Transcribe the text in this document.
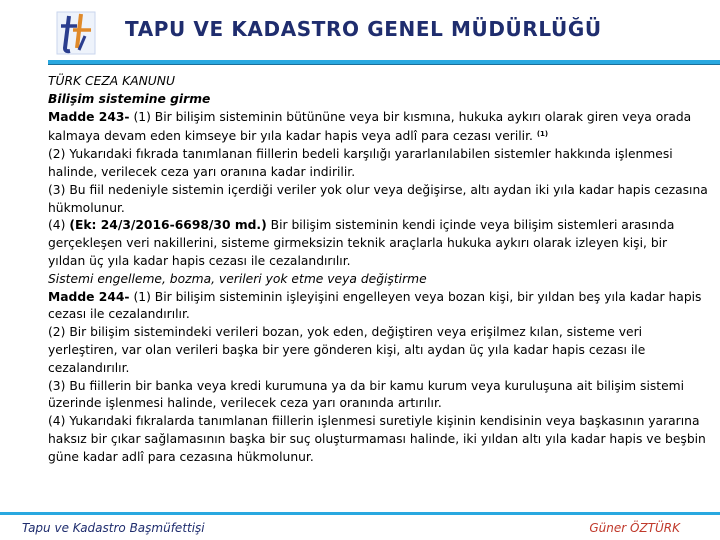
TAPU VE KADASTRO GENEL MÜDÜRLÜĞÜ

TÜRK CEZA KANUNU

Bilişim sistemine girme

Madde 243- (1) Bir bilişim sisteminin bütününe veya bir kısmına, hukuka aykırı olarak giren veya orada kalmaya devam eden kimseye bir yıla kadar hapis veya adlî para cezası verilir. $^{(1)}$

(2) Yukarıdaki fıkrada tanımlanan fiillerin bedeli karşılığı yararlanılabilen sistemler hakkında işlenmesi halinde, verilecek ceza yarı oranına kadar indirilir.

(3) Bu fiil nedeniyle sistemin içerdiği veriler yok olur veya değişirse, altı aydan iki yıla kadar hapis cezasına hükmolunur.

(4) (Ek: 24/3/2016-6698/30 md.) Bir bilişim sisteminin kendi içinde veya bilişim sistemleri arasında gerçekleşen veri nakillerini, sisteme girmeksizin teknik araçlarla hukuka aykırı olarak izleyen kişi, bir yıldan üç yıla kadar hapis cezası ile cezalandırılır.

Sistemi engelleme, bozma, verileri yok etme veya değiştirme

Madde 244- (1) Bir bilişim sisteminin işleyişini engelleyen veya bozan kişi, bir yıldan beş yıla kadar hapis cezası ile cezalandırılır.

(2) Bir bilişim sistemindeki verileri bozan, yok eden, değiştiren veya erişilmez kılan, sisteme veri yerleştiren, var olan verileri başka bir yere gönderen kişi, altı aydan üç yıla kadar hapis cezası ile cezalandırılır.

(3) Bu fiillerin bir banka veya kredi kurumuna ya da bir kamu kurum veya kuruluşuna ait bilişim sistemi üzerinde işlenmesi halinde, verilecek ceza yarı oranında artırılır.

(4) Yukarıdaki fıkralarda tanımlanan fiillerin işlenmesi suretiyle kişinin kendisinin veya başkasının yararına haksız bir çıkar sağlamasının başka bir suç oluşturmaması halinde, iki yıldan altı yıla kadar hapis ve beşbin güne kadar adlî para cezasına hükmolunur.

Tapu ve Kadastro Başmüfettişi	Güner ÖZTÜRK
